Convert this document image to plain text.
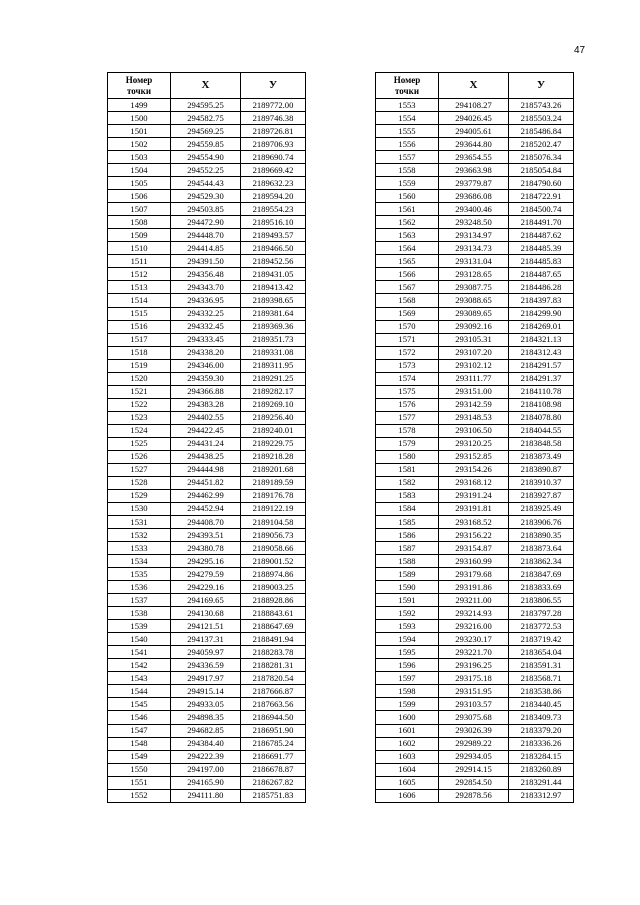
47
Номер
точки	X	У
1499	294595.25	2189772.00
1500	294582.75	2189746.38
1501	294569.25	2189726.81
1502	294559.85	2189706.93
1503	294554.90	2189690.74
1504	294552.25	2189669.42
1505	294544.43	2189632.23
1506	294529.30	2189594.20
1507	294503.85	2189554.23
1508	294472.90	2189516.10
1509	294448.70	2189493.57
1510	294414.85	2189466.50
1511	294391.50	2189452.56
1512	294356.48	2189431.05
1513	294343.70	2189413.42
1514	294336.95	2189398.65
1515	294332.25	2189381.64
1516	294332.45	2189369.36
1517	294333.45	2189351.73
1518	294338.20	2189331.08
1519	294346.00	2189311.95
1520	294359.30	2189291.25
1521	294366.88	2189282.17
1522	294383.28	2189269.10
1523	294402.55	2189256.40
1524	294422.45	2189240.01
1525	294431.24	2189229.75
1526	294438.25	2189218.28
1527	294444.98	2189201.68
1528	294451.82	2189189.59
1529	294462.99	2189176.78
1530	294452.94	2189122.19
1531	294408.70	2189104.58
1532	294393.51	2189056.73
1533	294380.78	2189058.66
1534	294295.16	2189001.52
1535	294279.59	2188974.86
1536	294229.16	2189003.25
1537	294169.65	2188928.86
1538	294130.68	2188843.61
1539	294121.51	2188647.69
1540	294137.31	2188491.94
1541	294059.97	2188283.78
1542	294336.59	2188281.31
1543	294917.97	2187820.54
1544	294915.14	2187666.87
1545	294933.05	2187663.56
1546	294898.35	2186944.50
1547	294682.85	2186951.90
1548	294384.40	2186785.24
1549	294222.39	2186691.77
1550	294197.00	2186678.87
1551	294165.90	2186267.82
1552	294111.80	2185751.83
Номер
точки	X	У
1553	294108.27	2185743.26
1554	294026.45	2185503.24
1555	294005.61	2185486.84
1556	293644.80	2185202.47
1557	293654.55	2185076.34
1558	293663.98	2185054.84
1559	293779.87	2184790.60
1560	293686.08	2184722.91
1561	293400.46	2184500.74
1562	293248.50	2184491.70
1563	293134.97	2184487.62
1564	293134.73	2184485.39
1565	293131.04	2184485.83
1566	293128.65	2184487.65
1567	293087.75	2184486.28
1568	293088.65	2184397.83
1569	293089.65	2184299.90
1570	293092.16	2184269.01
1571	293105.31	2184321.13
1572	293107.20	2184312.43
1573	293102.12	2184291.57
1574	293111.77	2184291.37
1575	293151.00	2184110.78
1576	293142.59	2184108.98
1577	293148.53	2184078.80
1578	293106.50	2184044.55
1579	293120.25	2183848.58
1580	293152.85	2183873.49
1581	293154.26	2183890.87
1582	293168.12	2183910.37
1583	293191.24	2183927.87
1584	293191.81	2183925.49
1585	293168.52	2183906.76
1586	293156.22	2183890.35
1587	293154.87	2183873.64
1588	293160.99	2183862.34
1589	293179.68	2183847.69
1590	293191.86	2183833.69
1591	293211.00	2183806.55
1592	293214.93	2183797.28
1593	293216.00	2183772.53
1594	293230.17	2183719.42
1595	293221.70	2183654.04
1596	293196.25	2183591.31
1597	293175.18	2183568.71
1598	293151.95	2183538.86
1599	293103.57	2183440.45
1600	293075.68	2183409.73
1601	293026.39	2183379.20
1602	292989.22	2183336.26
1603	292934.05	2183284.15
1604	292914.15	2183260.89
1605	292854.50	2183291.44
1606	292878.56	2183312.97
